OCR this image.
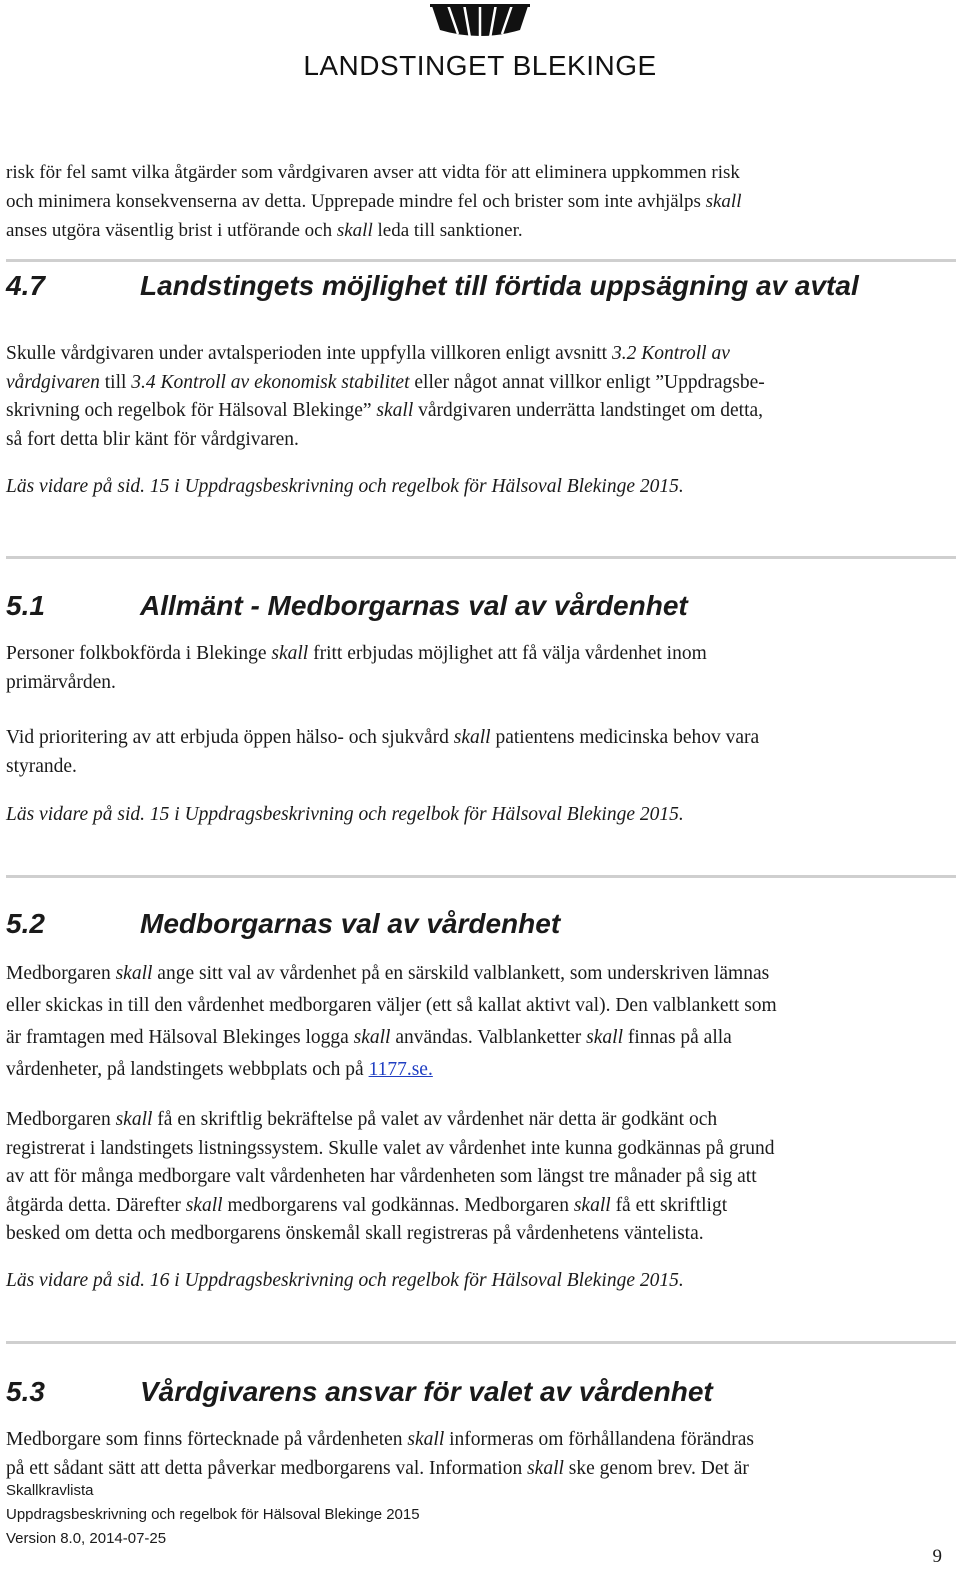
LANDSTINGET BLEKINGE
risk för fel samt vilka åtgärder som vårdgivaren avser att vidta för att eliminera uppkommen risk
och minimera konsekvenserna av detta. Upprepade mindre fel och brister som inte avhjälps skall
anses utgöra väsentlig brist i utförande och skall leda till sanktioner.
4.7	Landstingets möjlighet till förtida uppsägning av avtal
Skulle vårdgivaren under avtalsperioden inte uppfylla villkoren enligt avsnitt 3.2 Kontroll av
vårdgivaren till 3.4 Kontroll av ekonomisk stabilitet eller något annat villkor enligt ”Uppdragsbe-
skrivning och regelbok för Hälsoval Blekinge” skall vårdgivaren underrätta landstinget om detta,
så fort detta blir känt för vårdgivaren.
Läs vidare på sid. 15 i Uppdragsbeskrivning och regelbok för Hälsoval Blekinge 2015.
5.1	Allmänt - Medborgarnas val av vårdenhet
Personer folkbokförda i Blekinge skall fritt erbjudas möjlighet att få välja vårdenhet inom
primärvården.
Vid prioritering av att erbjuda öppen hälso- och sjukvård skall patientens medicinska behov vara
styrande.
Läs vidare på sid. 15 i Uppdragsbeskrivning och regelbok för Hälsoval Blekinge 2015.
5.2	Medborgarnas val av vårdenhet
Medborgaren skall ange sitt val av vårdenhet på en särskild valblankett, som underskriven lämnas
eller skickas in till den vårdenhet medborgaren väljer (ett så kallat aktivt val). Den valblankett som
är framtagen med Hälsoval Blekinges logga skall användas. Valblanketter skall finnas på alla
vårdenheter, på landstingets webbplats och på 1177.se.
Medborgaren skall få en skriftlig bekräftelse på valet av vårdenhet när detta är godkänt och
registrerat i landstingets listningssystem. Skulle valet av vårdenhet inte kunna godkännas på grund
av att för många medborgare valt vårdenheten har vårdenheten som längst tre månader på sig att
åtgärda detta. Därefter skall medborgarens val godkännas. Medborgaren skall få ett skriftligt
besked om detta och medborgarens önskemål skall registreras på vårdenhetens väntelista.
Läs vidare på sid. 16 i Uppdragsbeskrivning och regelbok för Hälsoval Blekinge 2015.
5.3	Vårdgivarens ansvar för valet av vårdenhet
Medborgare som finns förtecknade på vårdenheten skall informeras om förhållandena förändras
på ett sådant sätt att detta påverkar medborgarens val. Information skall ske genom brev. Det är
Skallkravlista
Uppdragsbeskrivning och regelbok för Hälsoval Blekinge 2015
Version 8.0, 2014-07-25
9
